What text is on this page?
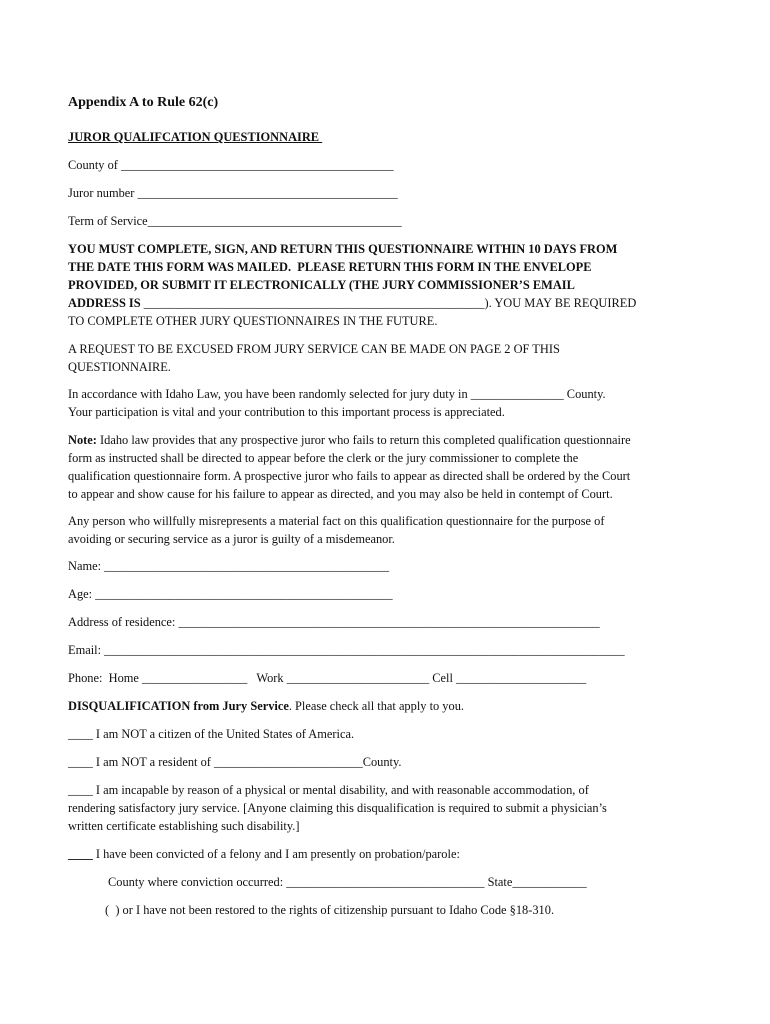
Appendix A to Rule 62(c)
JUROR QUALIFCATION QUESTIONNAIRE
County of ____________________________________________
Juror number __________________________________________
Term of Service_________________________________________
YOU MUST COMPLETE, SIGN, AND RETURN THIS QUESTIONNAIRE WITHIN 10 DAYS FROM
THE DATE THIS FORM WAS MAILED.  PLEASE RETURN THIS FORM IN THE ENVELOPE
PROVIDED, OR SUBMIT IT ELECTRONICALLY (THE JURY COMMISSIONER’S EMAIL
ADDRESS IS _______________________________________________________). YOU MAY BE REQUIRED
TO COMPLETE OTHER JURY QUESTIONNAIRES IN THE FUTURE.
A REQUEST TO BE EXCUSED FROM JURY SERVICE CAN BE MADE ON PAGE 2 OF THIS
QUESTIONNAIRE.
In accordance with Idaho Law, you have been randomly selected for jury duty in _______________ County.
Your participation is vital and your contribution to this important process is appreciated.
Note: Idaho law provides that any prospective juror who fails to return this completed qualification questionnaire
form as instructed shall be directed to appear before the clerk or the jury commissioner to complete the
qualification questionnaire form. A prospective juror who fails to appear as directed shall be ordered by the Court
to appear and show cause for his failure to appear as directed, and you may also be held in contempt of Court.
Any person who willfully misrepresents a material fact on this qualification questionnaire for the purpose of
avoiding or securing service as a juror is guilty of a misdemeanor.
Name: ______________________________________________
Age: ________________________________________________
Address of residence: ____________________________________________________________________
Email: ____________________________________________________________________________________
Phone:  Home _________________   Work _______________________ Cell _____________________
DISQUALIFICATION from Jury Service. Please check all that apply to you.
____ I am NOT a citizen of the United States of America.
____ I am NOT a resident of ________________________County.
____ I am incapable by reason of a physical or mental disability, and with reasonable accommodation, of
rendering satisfactory jury service. [Anyone claiming this disqualification is required to submit a physician’s
written certificate establishing such disability.]
____ I have been convicted of a felony and I am presently on probation/parole:
County where conviction occurred: ________________________________ State____________
(  ) or I have not been restored to the rights of citizenship pursuant to Idaho Code §18-310.
